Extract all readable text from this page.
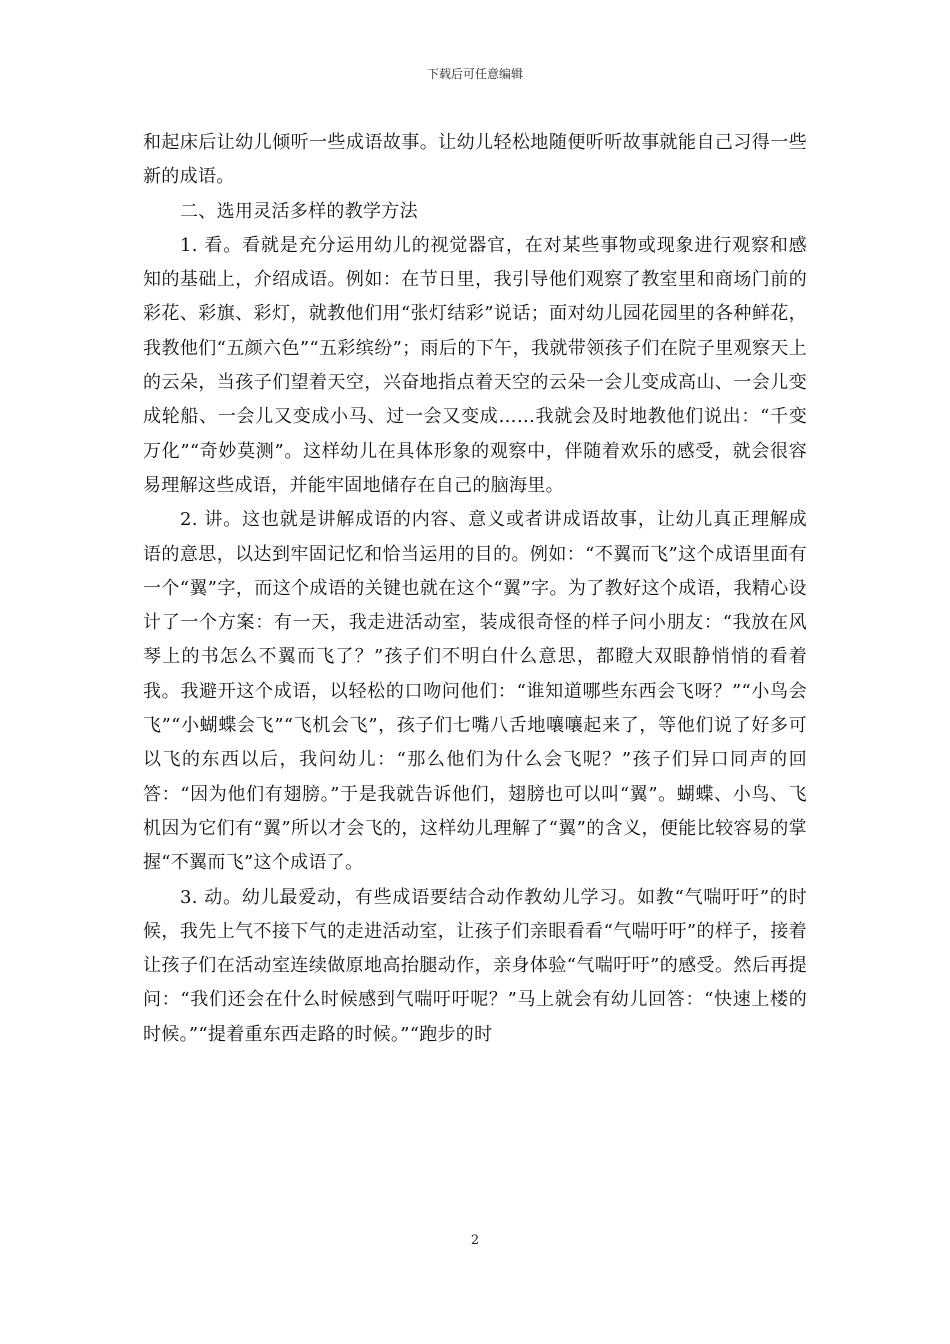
下载后可任意编辑

和起床后让幼儿倾听一些成语故事。让幼儿轻松地随便听听故事就能自己习得一些新的成语。

二、选用灵活多样的教学方法

1. 看。看就是充分运用幼儿的视觉器官，在对某些事物或现象进行观察和感知的基础上，介绍成语。例如：在节日里，我引导他们观察了教室里和商场门前的彩花、彩旗、彩灯，就教他们用“张灯结彩”说话；面对幼儿园花园里的各种鲜花，我教他们“五颜六色”“五彩缤纷”；雨后的下午，我就带领孩子们在院子里观察天上的云朵，当孩子们望着天空，兴奋地指点着天空的云朵一会儿变成高山、一会儿变成轮船、一会儿又变成小马、过一会又变成……我就会及时地教他们说出：“千变万化”“奇妙莫测”。这样幼儿在具体形象的观察中，伴随着欢乐的感受，就会很容易理解这些成语，并能牢固地储存在自己的脑海里。

2. 讲。这也就是讲解成语的内容、意义或者讲成语故事，让幼儿真正理解成语的意思，以达到牢固记忆和恰当运用的目的。例如：“不翼而飞”这个成语里面有一个“翼”字，而这个成语的关键也就在这个“翼”字。为了教好这个成语，我精心设计了一个方案：有一天，我走进活动室，装成很奇怪的样子问小朋友：“我放在风琴上的书怎么不翼而飞了？”孩子们不明白什么意思，都瞪大双眼静悄悄的看着我。我避开这个成语，以轻松的口吻问他们：“谁知道哪些东西会飞呀？”“小鸟会飞”“小蝴蝶会飞”“飞机会飞”，孩子们七嘴八舌地嚷嚷起来了，等他们说了好多可以飞的东西以后，我问幼儿：“那么他们为什么会飞呢？”孩子们异口同声的回答：“因为他们有翅膀。”于是我就告诉他们，翅膀也可以叫“翼”。蝴蝶、小鸟、飞机因为它们有“翼”所以才会飞的，这样幼儿理解了“翼”的含义，便能比较容易的掌握“不翼而飞”这个成语了。

3. 动。幼儿最爱动，有些成语要结合动作教幼儿学习。如教“气喘吁吁”的时候，我先上气不接下气的走进活动室，让孩子们亲眼看看“气喘吁吁”的样子，接着让孩子们在活动室连续做原地高抬腿动作，亲身体验“气喘吁吁”的感受。然后再提问：“我们还会在什么时候感到气喘吁吁呢？”马上就会有幼儿回答：“快速上楼的时候。”“提着重东西走路的时候。”“跑步的时

2
